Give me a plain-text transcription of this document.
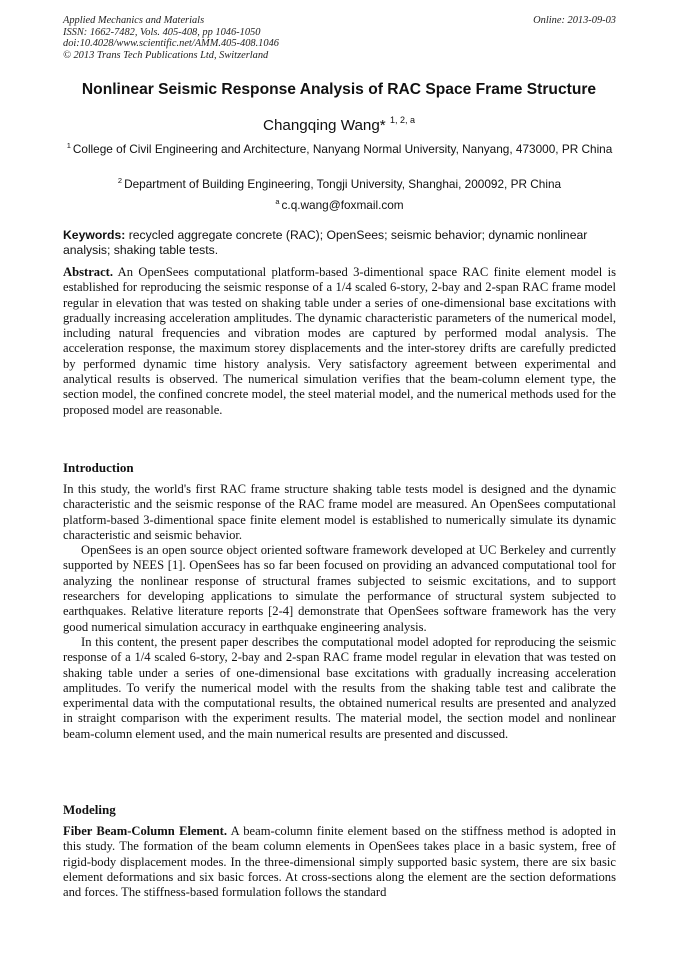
Applied Mechanics and Materials	Online: 2013-09-03
ISSN: 1662-7482, Vols. 405-408, pp 1046-1050
doi:10.4028/www.scientific.net/AMM.405-408.1046
© 2013 Trans Tech Publications Ltd, Switzerland
Nonlinear Seismic Response Analysis of RAC Space Frame Structure
Changqing Wang* $^{1, 2, a}$
$^1$ College of Civil Engineering and Architecture, Nanyang Normal University, Nanyang, 473000, PR China
$^2$ Department of Building Engineering, Tongji University, Shanghai, 200092, PR China
$^a$ c.q.wang@foxmail.com
Keywords: recycled aggregate concrete (RAC); OpenSees; seismic behavior; dynamic nonlinear analysis; shaking table tests.

Abstract. An OpenSees computational platform-based 3-dimentional space RAC finite element model is established for reproducing the seismic response of a 1/4 scaled 6-story, 2-bay and 2-span RAC frame model regular in elevation that was tested on shaking table under a series of one-dimensional base excitations with gradually increasing acceleration amplitudes. The dynamic characteristic parameters of the numerical model, including natural frequencies and vibration modes are captured by performed modal analysis. The acceleration response, the maximum storey displacements and the inter-storey drifts are carefully predicted by performed dynamic time history analysis. Very satisfactory agreement between experimental and analytical results is observed. The numerical simulation verifies that the beam-column element type, the section model, the confined concrete model, the steel material model, and the numerical methods used for the proposed model are reasonable.

Introduction

In this study, the world's first RAC frame structure shaking table tests model is designed and the dynamic characteristic and the seismic response of the RAC frame model are measured. An OpenSees computational platform-based 3-dimentional space finite element model is established to numerically simulate its dynamic characteristic and seismic behavior.

OpenSees is an open source object oriented software framework developed at UC Berkeley and currently supported by NEES [1]. OpenSees has so far been focused on providing an advanced computational tool for analyzing the nonlinear response of structural frames subjected to seismic excitations, and to support researchers for developing applications to simulate the performance of structural system subjected to earthquakes. Relative literature reports [2-4] demonstrate that OpenSees software framework has the very good numerical simulation accuracy in earthquake engineering analysis.

In this content, the present paper describes the computational model adopted for reproducing the seismic response of a 1/4 scaled 6-story, 2-bay and 2-span RAC frame model regular in elevation that was tested on shaking table under a series of one-dimensional base excitations with gradually increasing acceleration amplitudes. To verify the numerical model with the results from the shaking table test and calibrate the experimental data with the computational results, the obtained numerical results are presented and analyzed in straight comparison with the experiment results. The material model, the section model and nonlinear beam-column element used, and the main numerical results are presented and discussed.

Modeling

Fiber Beam-Column Element. A beam-column finite element based on the stiffness method is adopted in this study. The formation of the beam column elements in OpenSees takes place in a basic system, free of rigid-body displacement modes. In the three-dimensional simply supported basic system, there are six basic element deformations and six basic forces. At cross-sections along the element are the section deformations and forces. The stiffness-based formulation follows the standard
